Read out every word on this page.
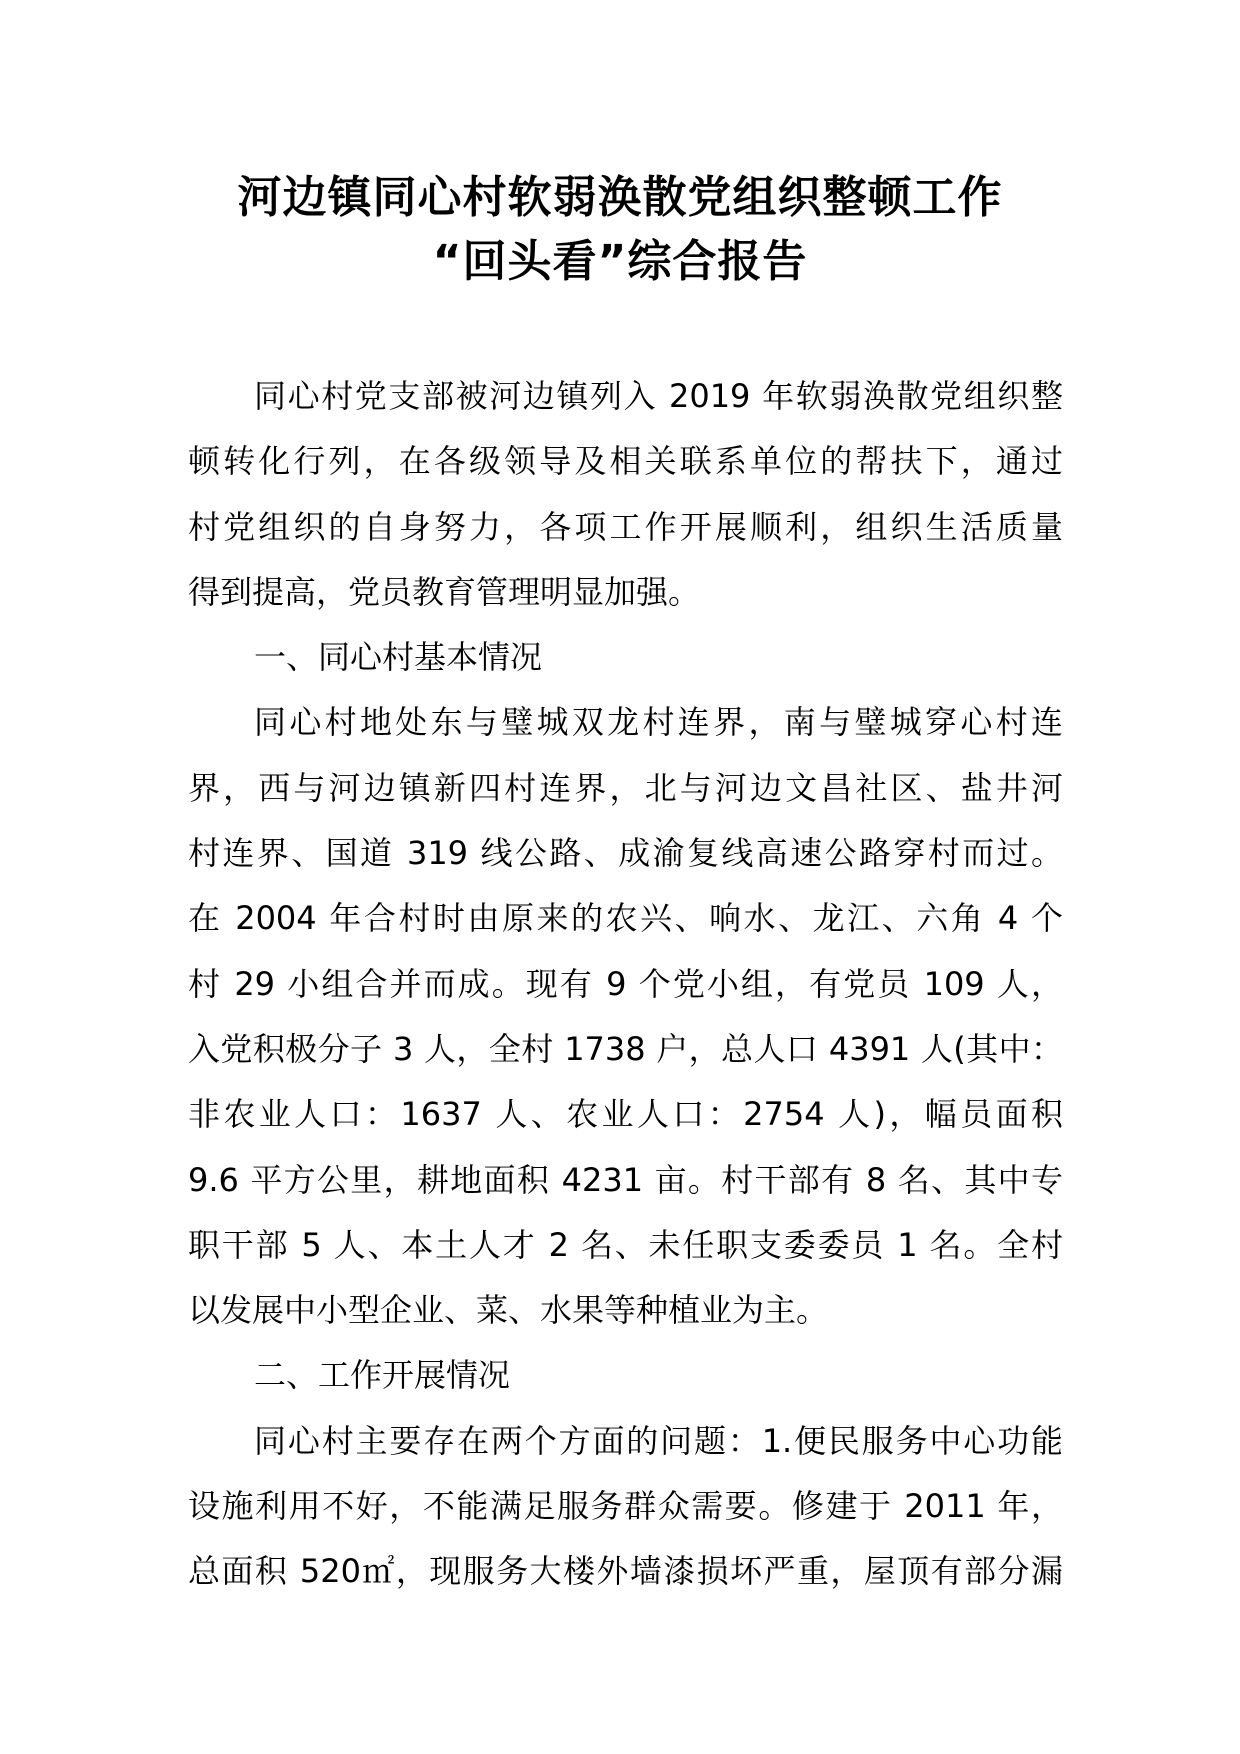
河边镇同心村软弱涣散党组织整顿工作
“回头看”综合报告
同心村党支部被河边镇列入 2019 年软弱涣散党组织整
顿转化行列，在各级领导及相关联系单位的帮扶下，通过
村党组织的自身努力，各项工作开展顺利，组织生活质量
得到提高，党员教育管理明显加强。
一、同心村基本情况
同心村地处东与璧城双龙村连界，南与璧城穿心村连
界，西与河边镇新四村连界，北与河边文昌社区、盐井河
村连界、国道 319 线公路、成渝复线高速公路穿村而过。
在 2004 年合村时由原来的农兴、响水、龙江、六角 4 个
村 29 小组合并而成。现有 9 个党小组，有党员 109 人，
入党积极分子 3 人，全村 1738 户，总人口 4391 人(其中：
非农业人口：1637 人、农业人口：2754 人)，幅员面积
9.6 平方公里，耕地面积 4231 亩。村干部有 8 名、其中专
职干部 5 人、本土人才 2 名、未任职支委委员 1 名。全村
以发展中小型企业、菜、水果等种植业为主。
二、工作开展情况
同心村主要存在两个方面的问题：1.便民服务中心功能
设施利用不好，不能满足服务群众需要。修建于 2011 年，
总面积 520㎡，现服务大楼外墙漆损坏严重，屋顶有部分漏
